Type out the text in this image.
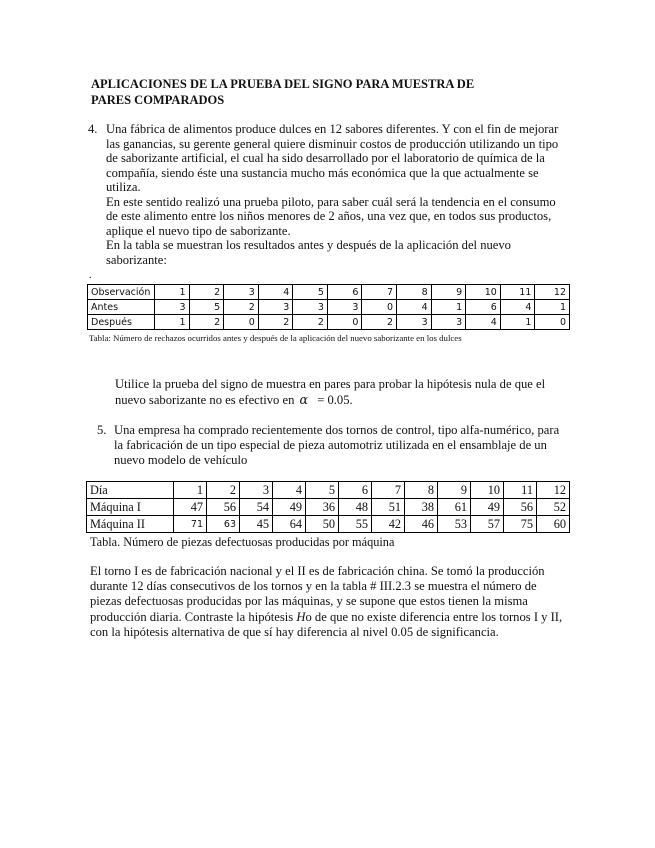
APLICACIONES DE LA PRUEBA DEL SIGNO PARA MUESTRA DE
PARES COMPARADOS
4. Una fábrica de alimentos produce dulces en 12 sabores diferentes. Y con el fin de mejorar las ganancias, su gerente general quiere disminuir costos de producción utilizando un tipo de saborizante artificial, el cual ha sido desarrollado por el laboratorio de química de la compañía, siendo éste una sustancia mucho más económica que la que actualmente se utiliza.

En este sentido realizó una prueba piloto, para saber cuál será la tendencia en el consumo de este alimento entre los niños menores de 2 años, una vez que, en todos sus productos, aplique el nuevo tipo de saborizante.

En la tabla se muestran los resultados antes y después de la aplicación del nuevo saborizante:

.
Observación	1	2	3	4	5	6	7	8	9	10	11	12
Antes	3	5	2	3	3	3	0	4	1	6	4	1
Después	1	2	0	2	2	0	2	3	3	4	1	0
Tabla: Número de rechazos ocurridos antes y después de la aplicación del nuevo saborizante en los dulces

Utilice la prueba del signo de muestra en pares para probar la hipótesis nula de que el

nuevo saborizante no es efectivo en α = 0.05.

5. Una empresa ha comprado recientemente dos tornos de control, tipo alfa-numérico, para la fabricación de un tipo especial de pieza automotriz utilizada en el ensamblaje de un nuevo modelo de vehículo
Día	1	2	3	4	5	6	7	8	9	10	11	12
Máquina I	47	56	54	49	36	48	51	38	61	49	56	52
Máquina II	71	63	45	64	50	55	42	46	53	57	75	60
Tabla. Número de piezas defectuosas producidas por máquina
El torno I es de fabricación nacional y el II es de fabricación china. Se tomó la producción durante 12 días consecutivos de los tornos y en la tabla # III.2.3 se muestra el número de piezas defectuosas producidas por las máquinas, y se supone que estos tienen la misma producción diaria. Contraste la hipótesis Ho de que no existe diferencia entre los tornos I y II, con la hipótesis alternativa de que sí hay diferencia al nivel 0.05 de significancia.
